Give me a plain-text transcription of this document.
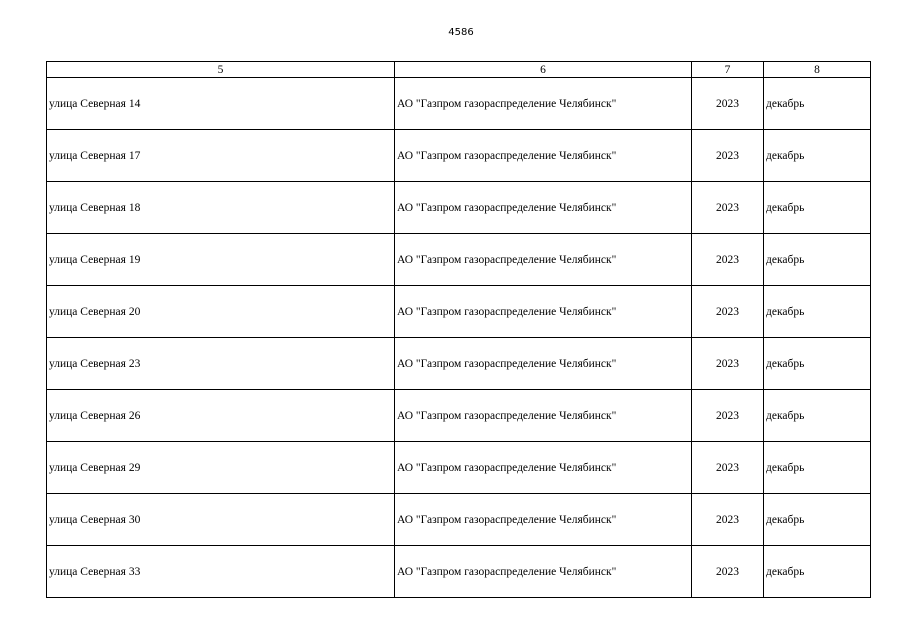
4586
5	6	7	8
улица Северная 14	АО "Газпром газораспределение Челябинск"	2023	декабрь
улица Северная 17	АО "Газпром газораспределение Челябинск"	2023	декабрь
улица Северная 18	АО "Газпром газораспределение Челябинск"	2023	декабрь
улица Северная 19	АО "Газпром газораспределение Челябинск"	2023	декабрь
улица Северная 20	АО "Газпром газораспределение Челябинск"	2023	декабрь
улица Северная 23	АО "Газпром газораспределение Челябинск"	2023	декабрь
улица Северная 26	АО "Газпром газораспределение Челябинск"	2023	декабрь
улица Северная 29	АО "Газпром газораспределение Челябинск"	2023	декабрь
улица Северная 30	АО "Газпром газораспределение Челябинск"	2023	декабрь
улица Северная 33	АО "Газпром газораспределение Челябинск"	2023	декабрь
